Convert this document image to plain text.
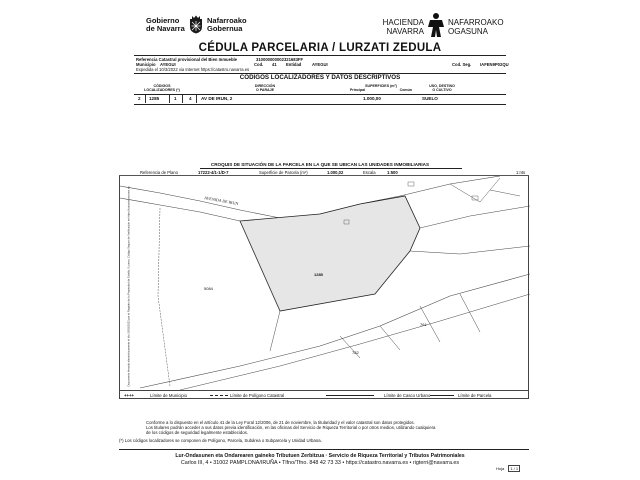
Gobierno
de Navarra
Nafarroako
Gobernua
HACIENDA
NAVARRA
NAFARROAKO
OGASUNA
CÉDULA PARCELARIA / LURZATI ZEDULA
Referencia Catastral provisional del Bien Inmueble	310000000002321683FF
Municipio AYEGUI	Cod. 41 Entidad	AYEGUI	Cod. Seg. IAFEN9P02QU
Expedida el 10/3/2022 via Internet https://catastro.navarra.es
CÓDIGOS LOCALIZADORES Y DATOS DESCRIPTIVOS
CÓDIGOS
LOCALIZADORES (*)
DIRECCIÓN
O PARAJE
SUPERFICIES (m²)
Principal	Común
USO, DESTINO
O CULTIVO
2 1285	1	4 AV DE IRUN, 2	1.000,00	SUELO
CROQUIS DE SITUACIÓN DE LA PARCELA EN LA QUE SE UBICAN LAS UNIDADES INMOBILIARIAS
Referencia de Plano	17222-4/1-1/D-7	Superficie de Parcela (m²)	1.000,02	Escala	1:500	1:nts
AVENIDA DE IRUN
1285
5084
761
782
Documento firmado electrónicamente el día 10/03/2022 por el Registro de la Propiedad de Estella / Lizarra. Código Seguro de Verificación en https://catastro.navarra.es
++++	Límite de Municipio	Límite de Polígono Catastral	Límite de Casco Urbano	Límite de Parcela
Conforme a lo dispuesto en el artículo 41 de la Ley Foral 12/2006, de 21 de noviembre, la titularidad y el valor catastral son datos protegidos.
Los titulares podrán acceder a sus datos previa identificación, en las oficinas del Servicio de Riqueza Territorial o por otros medios, utilizando cualquiera
de los códigos de seguridad legalmente establecidos.
(*) Los códigos localizadores se componen de Polígono, Parcela, Subárea o Subparcela y Unidad Urbana.
Lur-Ondasunen eta Ondarearen gaineko Tributuen Zerbitzua · Servicio de Riqueza Territorial y Tributos Patrimoniales
Carlos III, 4 • 31002 PAMPLONA/IRUÑA • Tlfno/Tfno. 848 42 73 33 • https://catastro.navarra.es • rigterri@navarra.es
Hoja 1 / 1
